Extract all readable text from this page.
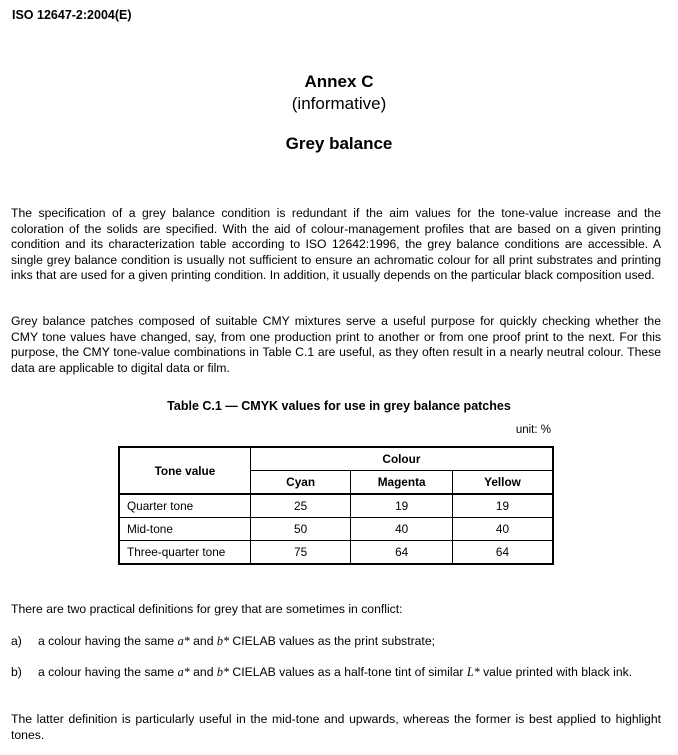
ISO 12647-2:2004(E)
Annex C
(informative)
Grey balance

The specification of a grey balance condition is redundant if the aim values for the tone-value increase and the coloration of the solids are specified. With the aid of colour-management profiles that are based on a given printing condition and its characterization table according to ISO 12642:1996, the grey balance conditions are accessible. A single grey balance condition is usually not sufficient to ensure an achromatic colour for all print substrates and printing inks that are used for a given printing condition. In addition, it usually depends on the particular black composition used.

Grey balance patches composed of suitable CMY mixtures serve a useful purpose for quickly checking whether the CMY tone values have changed, say, from one production print to another or from one proof print to the next. For this purpose, the CMY tone-value combinations in Table C.1 are useful, as they often result in a nearly neutral colour. These data are applicable to digital data or film.

Table C.1 — CMYK values for use in grey balance patches
unit: %
Tone value	Colour		
	Cyan	Magenta	Yellow
Quarter tone	25	19	19
Mid-tone	50	40	40
Three-quarter tone	75	64	64

There are two practical definitions for grey that are sometimes in conflict:

a) a colour having the same a* and b* CIELAB values as the print substrate;
b) a colour having the same a* and b* CIELAB values as a half-tone tint of similar L* value printed with black ink.

The latter definition is particularly useful in the mid-tone and upwards, whereas the former is best applied to highlight tones.
